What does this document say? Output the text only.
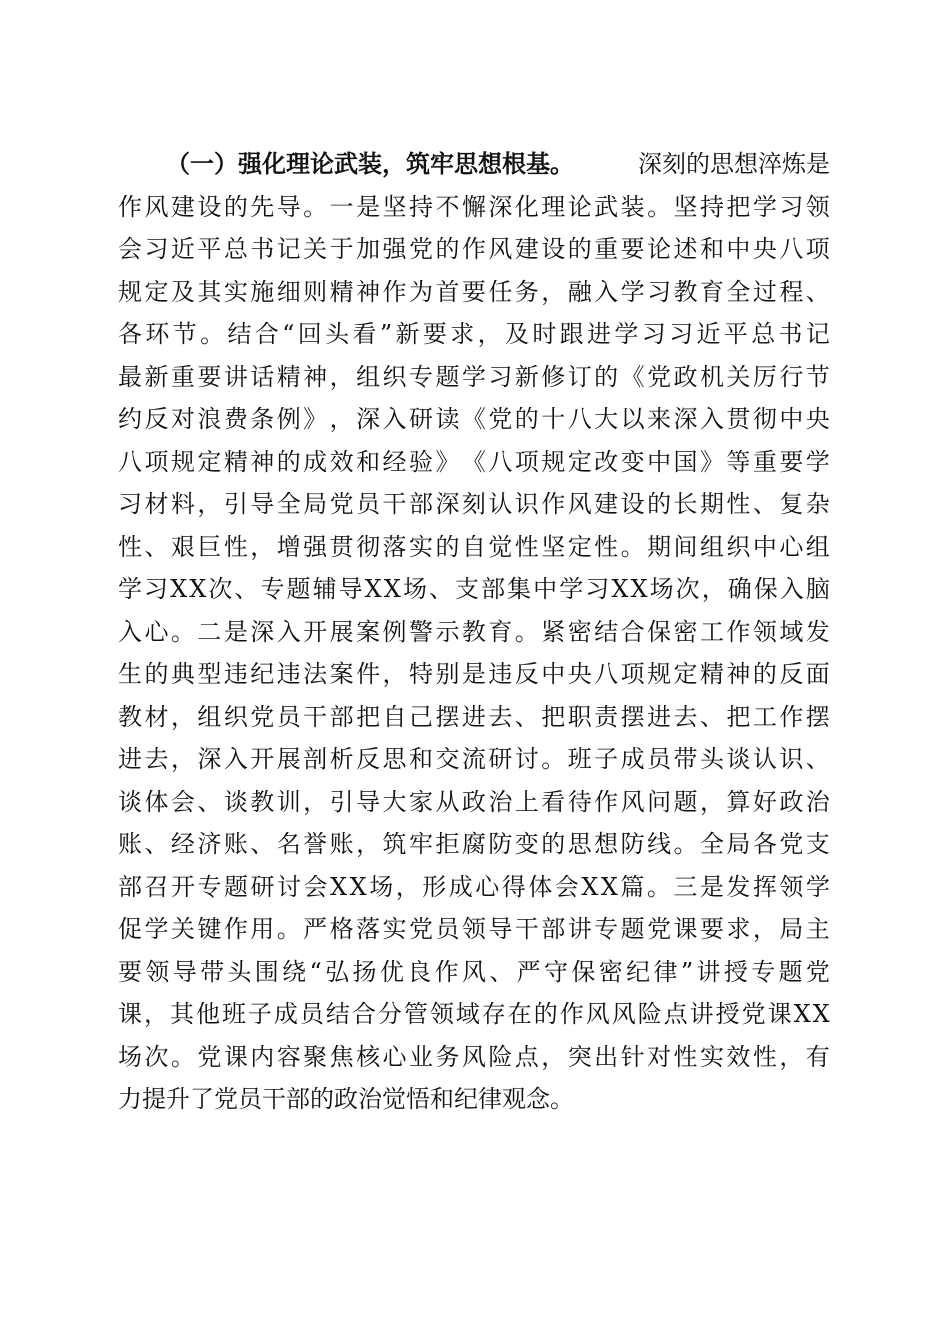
（一）强化理论武装，筑牢思想根基。	深刻的思想淬炼是
作 风 建 设 的 先 导 。 一 是 坚 持 不 懈 深 化 理 论 武 装 。 坚 持 把 学 习 领
会 习 近 平 总 书 记 关 于 加 强 党 的 作 风 建 设 的 重 要 论 述 和 中 央 八 项
规 定 及 其 实 施 细 则 精 神 作 为 首 要 任 务 ， 融 入 学 习 教 育 全 过 程 、
各 环 节 。 结 合 “ 回 头 看 ” 新 要 求 ， 及 时 跟 进 学 习 习 近 平 总 书 记
最 新 重 要 讲 话 精 神 ， 组 织 专 题 学 习 新 修 订 的 《 党 政 机 关 厉 行 节
约 反 对 浪 费 条 例 》 ， 深 入 研 读 《 党 的 十 八 大 以 来 深 入 贯 彻 中 央
八 项 规 定 精 神 的 成 效 和 经 验 》 《 八 项 规 定 改 变 中 国 》 等 重 要 学
习 材 料 ， 引 导 全 局 党 员 干 部 深 刻 认 识 作 风 建 设 的 长 期 性 、 复 杂
性 、 艰 巨 性 ， 增 强 贯 彻 落 实 的 自 觉 性 坚 定 性 。 期 间 组 织 中 心 组
学 习 X X 次 、 专 题 辅 导 X X 场 、 支 部 集 中 学 习 X X 场 次 ， 确 保 入 脑
入 心 。 二 是 深 入 开 展 案 例 警 示 教 育 。 紧 密 结 合 保 密 工 作 领 域 发
生 的 典 型 违 纪 违 法 案 件 ， 特 别 是 违 反 中 央 八 项 规 定 精 神 的 反 面
教 材 ， 组 织 党 员 干 部 把 自 己 摆 进 去 、 把 职 责 摆 进 去 、 把 工 作 摆
进 去 ， 深 入 开 展 剖 析 反 思 和 交 流 研 讨 。 班 子 成 员 带 头 谈 认 识 、
谈 体 会 、 谈 教 训 ， 引 导 大 家 从 政 治 上 看 待 作 风 问 题 ， 算 好 政 治
账 、 经 济 账 、 名 誉 账 ， 筑 牢 拒 腐 防 变 的 思 想 防 线 。 全 局 各 党 支
部 召 开 专 题 研 讨 会 X X 场 ， 形 成 心 得 体 会 X X 篇 。 三 是 发 挥 领 学
促 学 关 键 作 用 。 严 格 落 实 党 员 领 导 干 部 讲 专 题 党 课 要 求 ， 局 主
要 领 导 带 头 围 绕 “ 弘 扬 优 良 作 风 、 严 守 保 密 纪 律 ” 讲 授 专 题 党
课 ， 其 他 班 子 成 员 结 合 分 管 领 域 存 在 的 作 风 风 险 点 讲 授 党 课 X X
场 次 。 党 课 内 容 聚 焦 核 心 业 务 风 险 点 ， 突 出 针 对 性 实 效 性 ， 有
力提升了党员干部的政治觉悟和纪律观念。
